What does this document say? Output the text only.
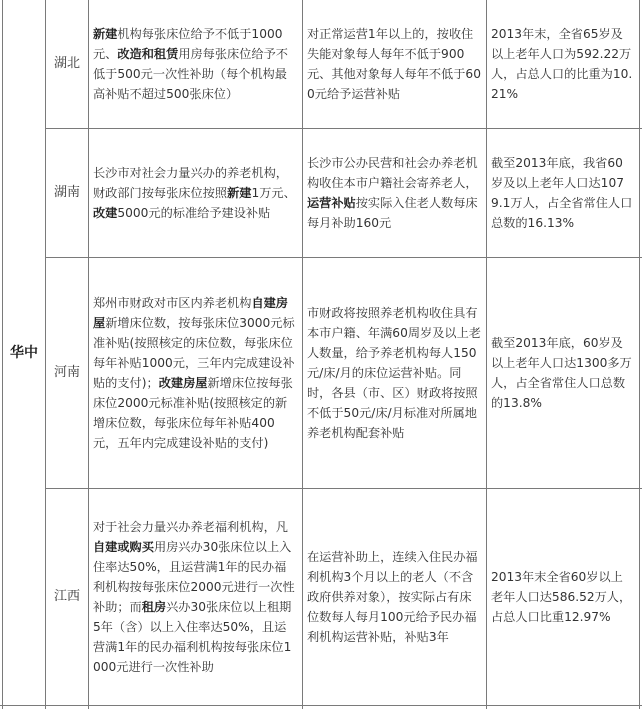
华中
湖北
新建机构每张床位给予不低于1000元、改造和租赁用房每张床位给予不低于500元一次性补助（每个机构最高补贴不超过500张床位）
对正常运营1年以上的，按收住失能对象每人每年不低于900元、其他对象每人每年不低于600元给予运营补贴
2013年末，全省65岁及以上老年人口为592.22万人，占总人口的比重为10.21%
湖南
长沙市对社会力量兴办的养老机构，财政部门按每张床位按照新建1万元、改建5000元的标准给予建设补贴
长沙市公办民营和社会办养老机构收住本市户籍社会寄养老人，运营补贴按实际入住老人数每床每月补助160元
截至2013年底，我省60岁及以上老年人口达1079.1万人，占全省常住人口总数的16.13%
河南
郑州市财政对市区内养老机构自建房屋新增床位数，按每张床位3000元标准补贴(按照核定的床位数，每张床位每年补贴1000元，三年内完成建设补贴的支付)；改建房屋新增床位按每张床位2000元标准补贴(按照核定的新增床位数，每张床位每年补贴400元，五年内完成建设补贴的支付)
市财政将按照养老机构收住具有本市户籍、年满60周岁及以上老人数量，给予养老机构每人150元/床/月的床位运营补贴。同时，各县（市、区）财政将按照不低于50元/床/月标准对所属地养老机构配套补贴
截至2013年底，60岁及以上老年人口达1300多万人，占全省常住人口总数的13.8%
江西
对于社会力量兴办养老福利机构，凡自建或购买用房兴办30张床位以上入住率达50%，且运营满1年的民办福利机构按每张床位2000元进行一次性补助；而租房兴办30张床位以上租期5年（含）以上入住率达50%，且运营满1年的民办福利机构按每张床位1000元进行一次性补助
在运营补助上，连续入住民办福利机构3个月以上的老人（不含政府供养对象），按实际占有床位数每人每月100元给予民办福利机构运营补贴，补贴3年
2013年末全省60岁以上老年人口达586.52万人，占总人口比重12.97%
